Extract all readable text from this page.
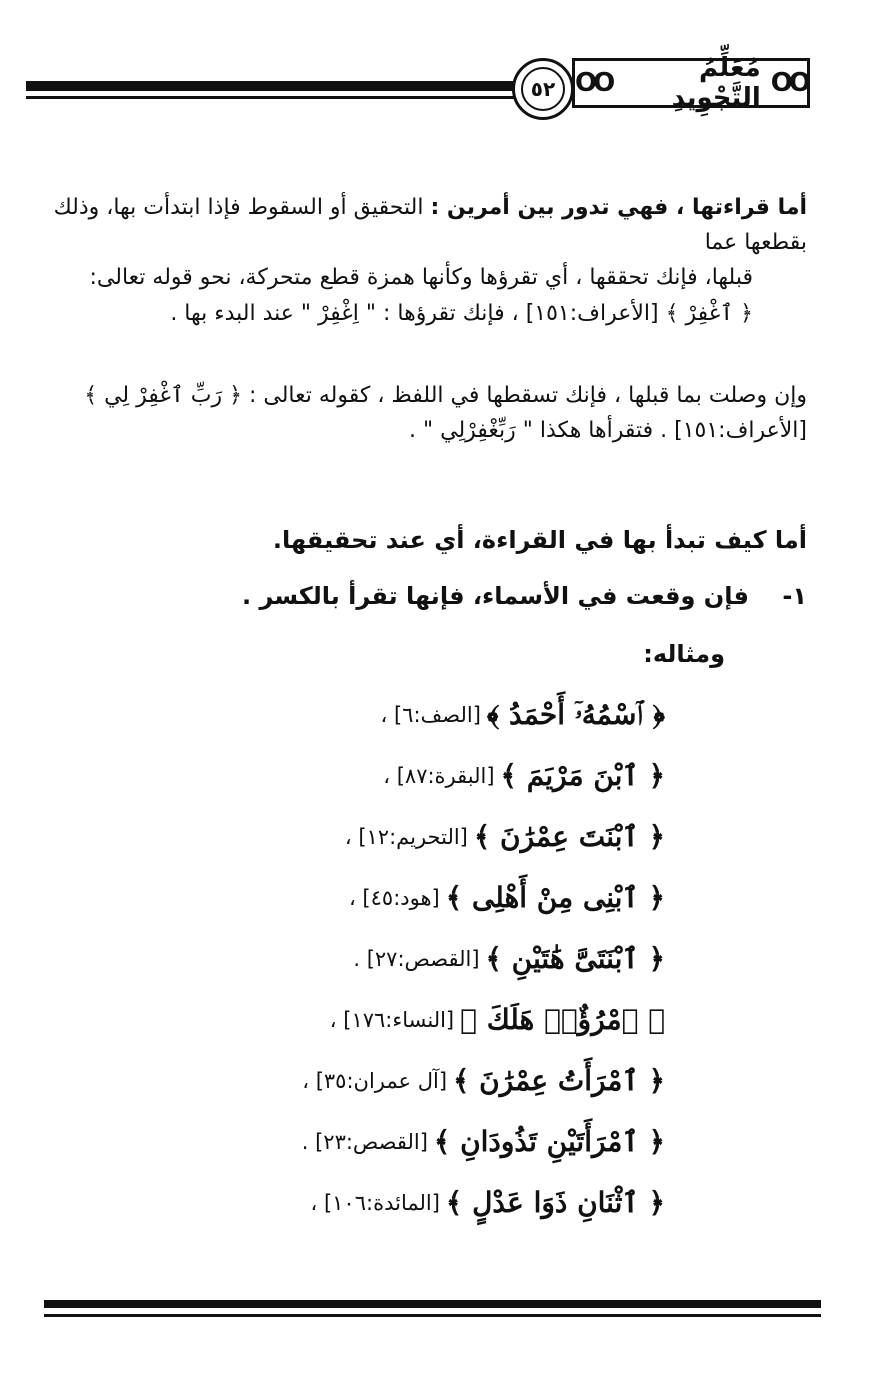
٥٢	OO
مُعَلِّمُ التَّجْوِيدِ
OO
أما قراءتها ، فهي تدور بين أمرين : التحقيق أو السقوط فإذا ابتدأت بها، وذلك بقطعها عما
قبلها، فإنك تحققها ، أي تقرؤها وكأنها همزة قطع متحركة، نحو قوله تعالى:
﴿ ٱغْفِرْ ﴾ [الأعراف:١٥١] ، فإنك تقرؤها : " اِغْفِرْ " عند البدء بها .
وإن وصلت بما قبلها ، فإنك تسقطها في اللفظ ، كقوله تعالى : ﴿ رَبِّ ٱغْفِرْ لِي ﴾
[الأعراف:١٥١] . فتقرأها هكذا " رَبِّغْفِرْلِي " .
أما كيف تبدأ بها في القراءة، أي عند تحقيقها.
١-    فإن وقعت في الأسماء، فإنها تقرأ بالكسر .
ومثاله:
﴿ ٱسْمُهُۥٓ أَحْمَدُ ﴾
[الصف:٦] ،
﴿ ٱبْنَ مَرْيَمَ ﴾
[البقرة:٨٧] ،
﴿ ٱبْنَتَ عِمْرَٰنَ ﴾
[التحريم:١٢] ،
﴿ ٱبْنِى مِنْ أَهْلِى ﴾
[هود:٤٥] ،
﴿ ٱبْنَتَىَّ هَٰتَيْنِ ﴾
[القصص:٢٧] .
﴿ ٱمْرُؤٌا۟ هَلَكَ ﴾
[النساء:١٧٦] ،
﴿ ٱمْرَأَتُ عِمْرَٰنَ ﴾
[آل عمران:٣٥] ،
﴿ ٱمْرَأَتَيْنِ تَذُودَانِ ﴾
[القصص:٢٣] .
﴿ ٱثْنَانِ ذَوَا عَدْلٍ ﴾
[المائدة:١٠٦] ،
